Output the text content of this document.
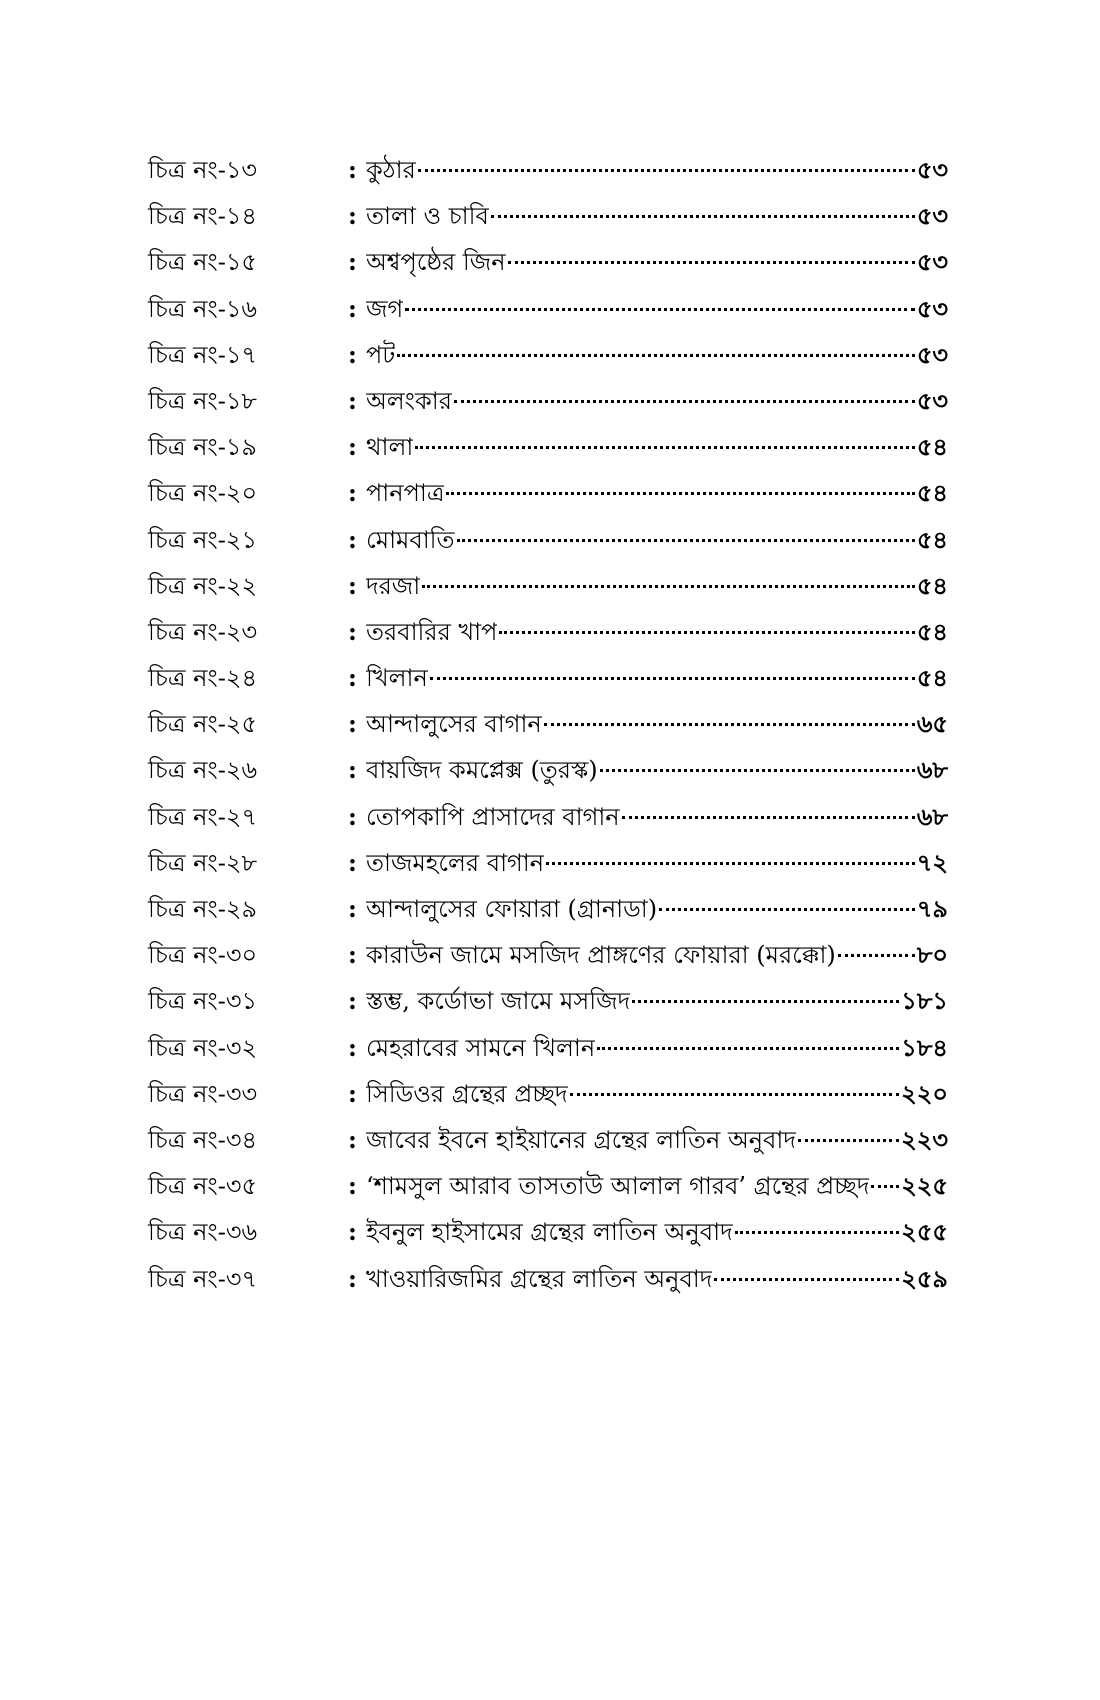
চিত্র নং-১৩	: কুঠার	৫৩
চিত্র নং-১৪	: তালা ও চাবি	৫৩
চিত্র নং-১৫	: অশ্বপৃষ্ঠের জিন	৫৩
চিত্র নং-১৬	: জগ	৫৩
চিত্র নং-১৭	: পট	৫৩
চিত্র নং-১৮	: অলংকার	৫৩
চিত্র নং-১৯	: থালা	৫৪
চিত্র নং-২০	: পানপাত্র	৫৪
চিত্র নং-২১	: মোমবাতি	৫৪
চিত্র নং-২২	: দরজা	৫৪
চিত্র নং-২৩	: তরবারির খাপ	৫৪
চিত্র নং-২৪	: খিলান	৫৪
চিত্র নং-২৫	: আন্দালুসের বাগান	৬৫
চিত্র নং-২৬	: বায়জিদ কমপ্লেক্স (তুরস্ক)	৬৮
চিত্র নং-২৭	: তোপকাপি প্রাসাদের বাগান	৬৮
চিত্র নং-২৮	: তাজমহলের বাগান	৭২
চিত্র নং-২৯	: আন্দালুসের ফোয়ারা (গ্রানাডা)	৭৯
চিত্র নং-৩০	: কারাউন জামে মসজিদ প্রাঙ্গণের ফোয়ারা (মরক্কো)	৮০
চিত্র নং-৩১	: স্তম্ভ, কর্ডোভা জামে মসজিদ	১৮১
চিত্র নং-৩২	: মেহরাবের সামনে খিলান	১৮৪
চিত্র নং-৩৩	: সিডিওর গ্রন্থের প্রচ্ছদ	২২০
চিত্র নং-৩৪	: জাবের ইবনে হাইয়ানের গ্রন্থের লাতিন অনুবাদ	২২৩
চিত্র নং-৩৫	: ‘শামসুল আরাব তাসতাউ আলাল গারব’ গ্রন্থের প্রচ্ছদ ২২৫
চিত্র নং-৩৬	: ইবনুল হাইসামের গ্রন্থের লাতিন অনুবাদ	২৫৫
চিত্র নং-৩৭	: খাওয়ারিজমির গ্রন্থের লাতিন অনুবাদ	২৫৯
